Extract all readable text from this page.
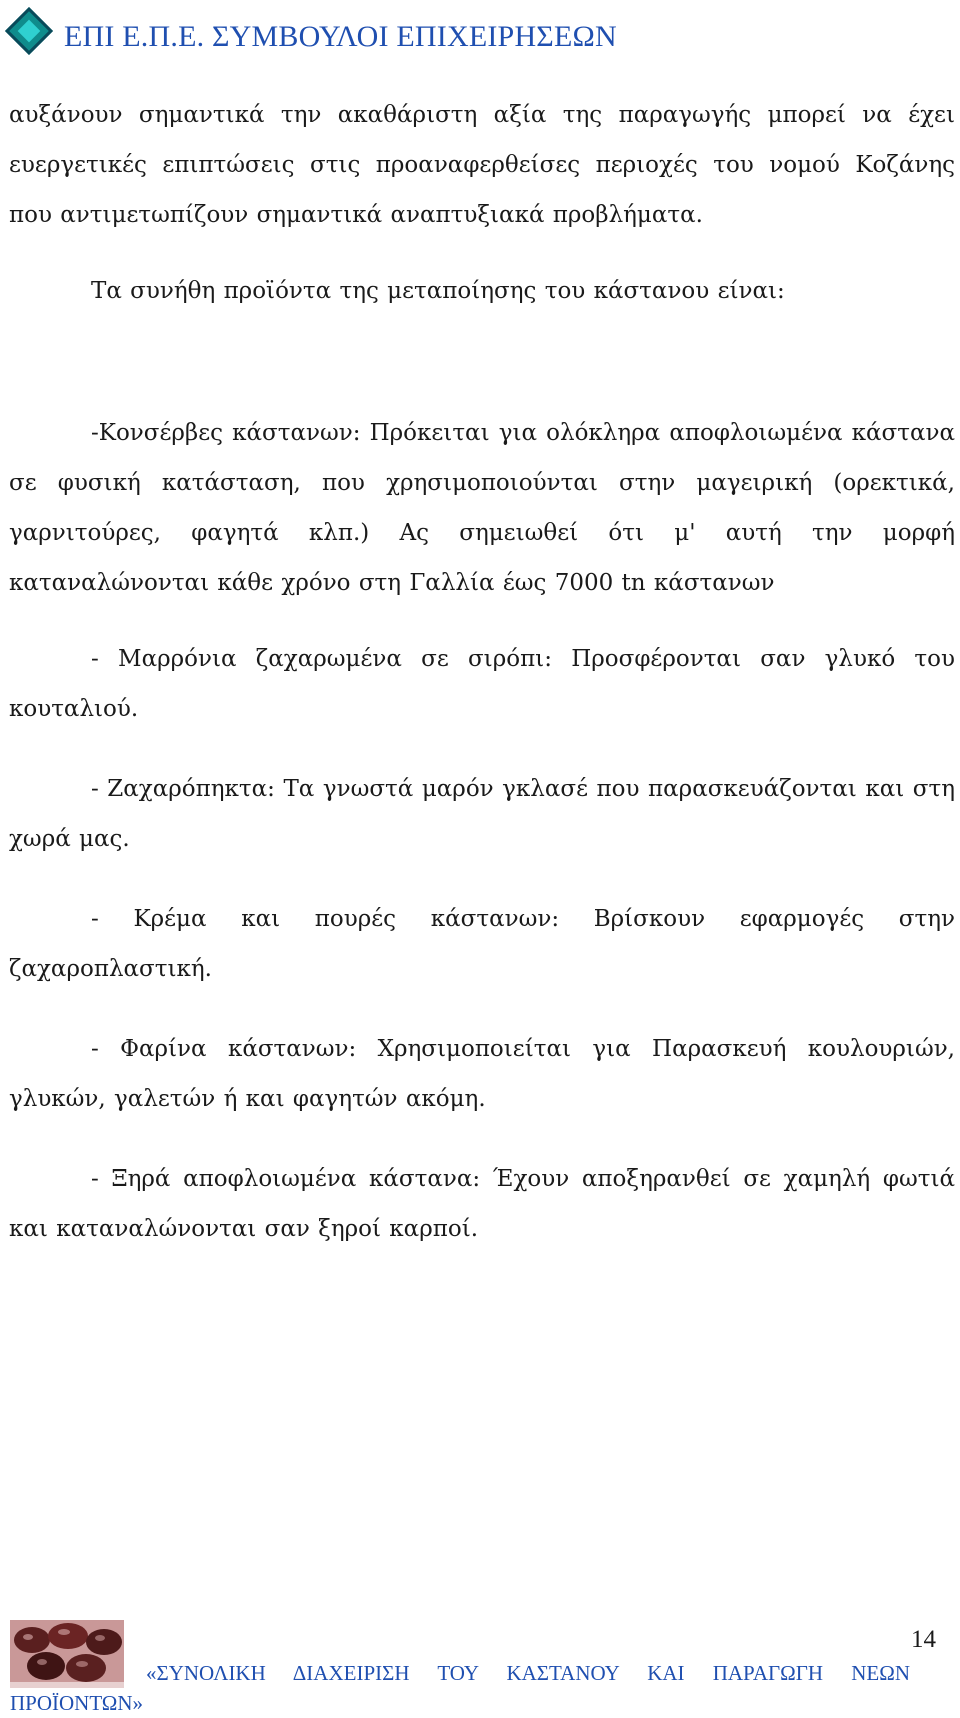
ΕΠΙ Ε.Π.Ε. ΣΥΜΒΟΥΛΟΙ ΕΠΙΧΕΙΡΗΣΕΩΝ

αυξάνουν σημαντικά την ακαθάριστη αξία της παραγωγής μπορεί να έχει ευεργετικές επιπτώσεις στις προαναφερθείσες περιοχές του νομού Κοζάνης που αντιμετωπίζουν σημαντικά αναπτυξιακά προβλήματα.

Τα συνήθη προϊόντα της μεταποίησης του κάστανου είναι:

-Κονσέρβες κάστανων: Πρόκειται για ολόκληρα αποφλοιωμένα κάστανα σε φυσική κατάσταση, που χρησιμοποιούνται στην μαγειρική (ορεκτικά, γαρνιτούρες, φαγητά κλπ.) Ας σημειωθεί ότι μ' αυτή την μορφή καταναλώνονται κάθε χρόνο στη Γαλλία έως 7000 tn κάστανων

- Μαρρόνια ζαχαρωμένα σε σιρόπι: Προσφέρονται σαν γλυκό του κουταλιού.

- Ζαχαρόπηκτα: Τα γνωστά μαρόν γκλασέ που παρασκευάζονται και στη χωρά μας.

- Κρέμα και πουρές κάστανων: Βρίσκουν εφαρμογές στην ζαχαροπλαστική.

- Φαρίνα κάστανων: Χρησιμοποιείται για Παρασκευή κουλουριών, γλυκών, γαλετών ή και φαγητών ακόμη.

- Ξηρά αποφλοιωμένα κάστανα: Έχουν αποξηρανθεί σε χαμηλή φωτιά και καταναλώνονται σαν ξηροί καρποί.

14
«ΣΥΝΟΛΙΚΗ ΔΙΑΧΕΙΡΙΣΗ ΤΟΥ ΚΑΣΤΑΝΟΥ ΚΑΙ ΠΑΡΑΓΩΓΗ ΝΕΩΝ ΠΡΟΪΟΝΤΩΝ»
